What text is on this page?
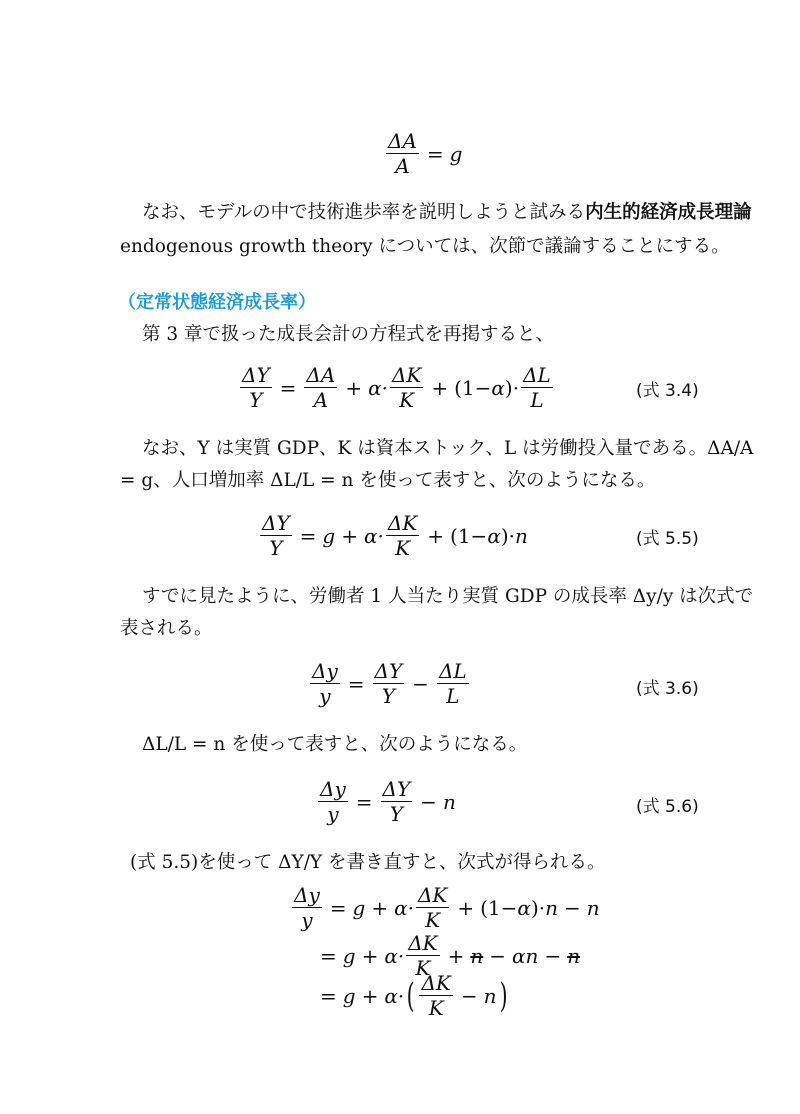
$\frac{\Delta A}{A} = g$
なお、モデルの中で技術進歩率を説明しようと試みる内生的経済成長理論
endogenous growth theory については、次節で議論することにする。
（定常状態経済成長率）
第 3 章で扱った成長会計の方程式を再掲すると、
$\frac{\Delta Y}{Y} = \frac{\Delta A}{A} + \alpha\cdot \frac{\Delta K}{K} + (1- \alpha$ )· $\frac{\Delta L}{L}$	(式 3.4)
なお、Y は実質 GDP、K は資本ストック、L は労働投入量である。ΔA/A
= g、人口増加率 ΔL/L = n を使って表すと、次のようになる。
$\frac{\Delta Y}{Y} = g + \alpha\cdot \frac{\Delta K}{K} + (1- \alpha$ )· n	(式 5.5)
すでに見たように、労働者 1 人当たり実質 GDP の成長率 Δy/y は次式で
表される。
$\frac{\Delta y}{y} = \frac{\Delta Y}{Y} - \frac{\Delta L}{L}$	(式 3.6)
ΔL/L = n を使って表すと、次のようになる。
$\frac{\Delta y}{y} = \frac{\Delta Y}{Y} - n$	(式 5.6)
(式 5.5)を使って ΔY/Y を書き直すと、次式が得られる。
$\frac{\Delta y}{y} = g + \alpha\cdot \frac{\Delta K}{K} + (1- \alpha$ )· n − n
= $g + \alpha\cdot \frac{\Delta K}{K} + n - \alpha n - n$
= g + α· ( $\frac{\Delta K}{K} - n$ )
